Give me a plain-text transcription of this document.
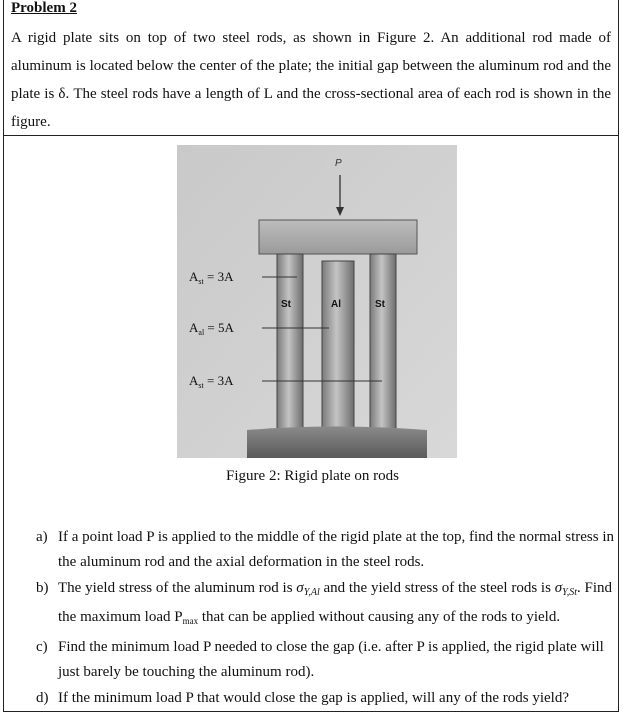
Problem 2

A rigid plate sits on top of two steel rods, as shown in Figure 2. An additional rod made of aluminum is located below the center of the plate; the initial gap between the aluminum rod and the plate is δ. The steel rods have a length of L and the cross-sectional area of each rod is shown in the figure.

P
St	Al	St
$A_{st} = 3A$
$A_{al} = 5A$
$A_{st} = 3A$
Figure 2: Rigid plate on rods
a) If a point load P is applied to the middle of the rigid plate at the top, find the normal stress in the aluminum rod and the axial deformation in the steel rods.
b) The yield stress of the aluminum rod is $\sigma_{Y,Al}$ and the yield stress of the steel rods is $\sigma_{Y,St}$. Find the maximum load $P_{max}$ that can be applied without causing any of the rods to yield.
c) Find the minimum load P needed to close the gap (i.e. after P is applied, the rigid plate will just barely be touching the aluminum rod).
d) If the minimum load P that would close the gap is applied, will any of the rods yield?
